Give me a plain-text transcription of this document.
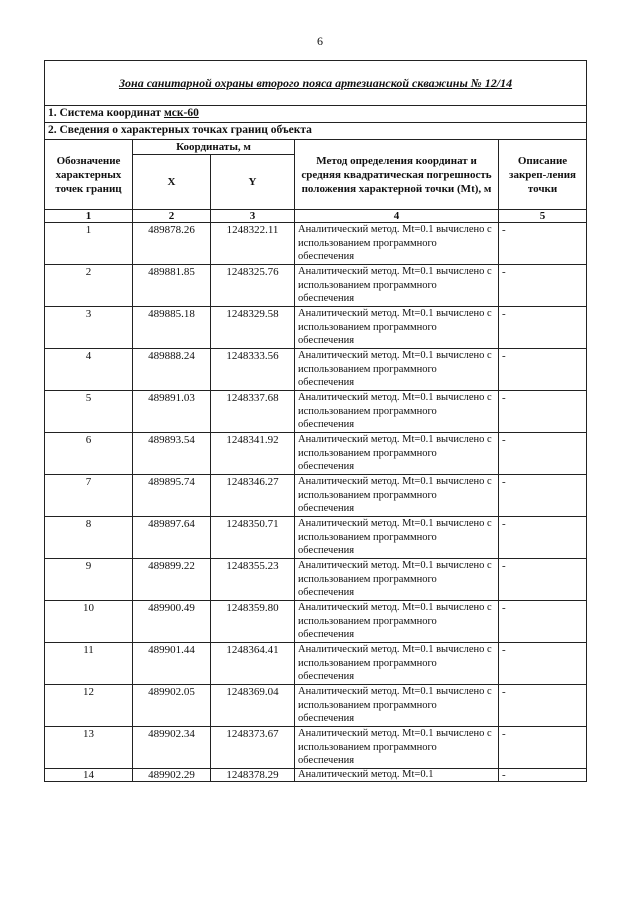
6
Зона санитарной охраны второго пояса артезианской скважины № 12/14				
1. Система координат мск-60				
2. Сведения о характерных точках границ объекта				
Обозначение характерных точек границ	Координаты, м		Метод определения координат и средняя квадратическая погрешность положения характерной точки (Mt), м	Описание закреп-ления точки
	X	Y		
1	2	3	4	5
1	489878.26	1248322.11	Аналитический метод. Mt=0.1 вычислено с использованием программного обеспечения	-
2	489881.85	1248325.76	Аналитический метод. Mt=0.1 вычислено с использованием программного обеспечения	-
3	489885.18	1248329.58	Аналитический метод. Mt=0.1 вычислено с использованием программного обеспечения	-
4	489888.24	1248333.56	Аналитический метод. Mt=0.1 вычислено с использованием программного обеспечения	-
5	489891.03	1248337.68	Аналитический метод. Mt=0.1 вычислено с использованием программного обеспечения	-
6	489893.54	1248341.92	Аналитический метод. Mt=0.1 вычислено с использованием программного обеспечения	-
7	489895.74	1248346.27	Аналитический метод. Mt=0.1 вычислено с использованием программного обеспечения	-
8	489897.64	1248350.71	Аналитический метод. Mt=0.1 вычислено с использованием программного обеспечения	-
9	489899.22	1248355.23	Аналитический метод. Mt=0.1 вычислено с использованием программного обеспечения	-
10	489900.49	1248359.80	Аналитический метод. Mt=0.1 вычислено с использованием программного обеспечения	-
11	489901.44	1248364.41	Аналитический метод. Mt=0.1 вычислено с использованием программного обеспечения	-
12	489902.05	1248369.04	Аналитический метод. Mt=0.1 вычислено с использованием программного обеспечения	-
13	489902.34	1248373.67	Аналитический метод. Mt=0.1 вычислено с использованием программного обеспечения	-
14	489902.29	1248378.29	Аналитический метод. Mt=0.1	-
